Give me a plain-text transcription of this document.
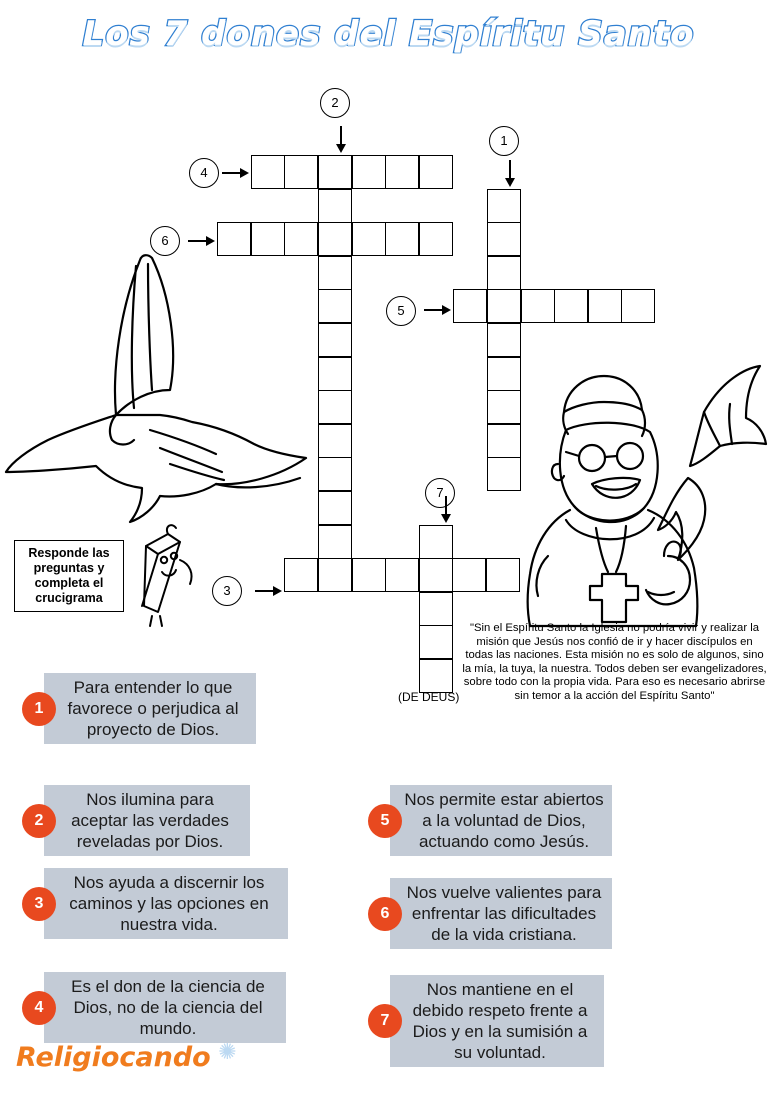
Los 7 dones del Espíritu Santo
2
1
4
6
5
7
3
Responde las preguntas y completa el crucigrama
"Sin el Espíritu Santo la Iglesia no podría vivir y realizar la misión que Jesús nos confió de ir y hacer discípulos en todas las naciones. Esta misión no es solo de algunos, sino la mía, la tuya, la nuestra. Todos deben ser evangelizadores, sobre todo con la propia vida. Para eso es necesario abrirse sin temor a la acción del Espíritu Santo"
(DE DEUS)
1
Para entender lo que favorece o perjudica al proyecto de Dios.
2
Nos ilumina para aceptar las verdades reveladas por Dios.
3
Nos ayuda a discernir los caminos y las opciones en nuestra vida.
4
Es el don de la ciencia de Dios, no de la ciencia del mundo.
5
Nos permite estar abiertos a la voluntad de Dios, actuando como Jesús.
6
Nos vuelve valientes para enfrentar las dificultades de la vida cristiana.
7
Nos mantiene en el debido respeto frente a Dios y en la sumisión a su voluntad.
Religiocando ✺
